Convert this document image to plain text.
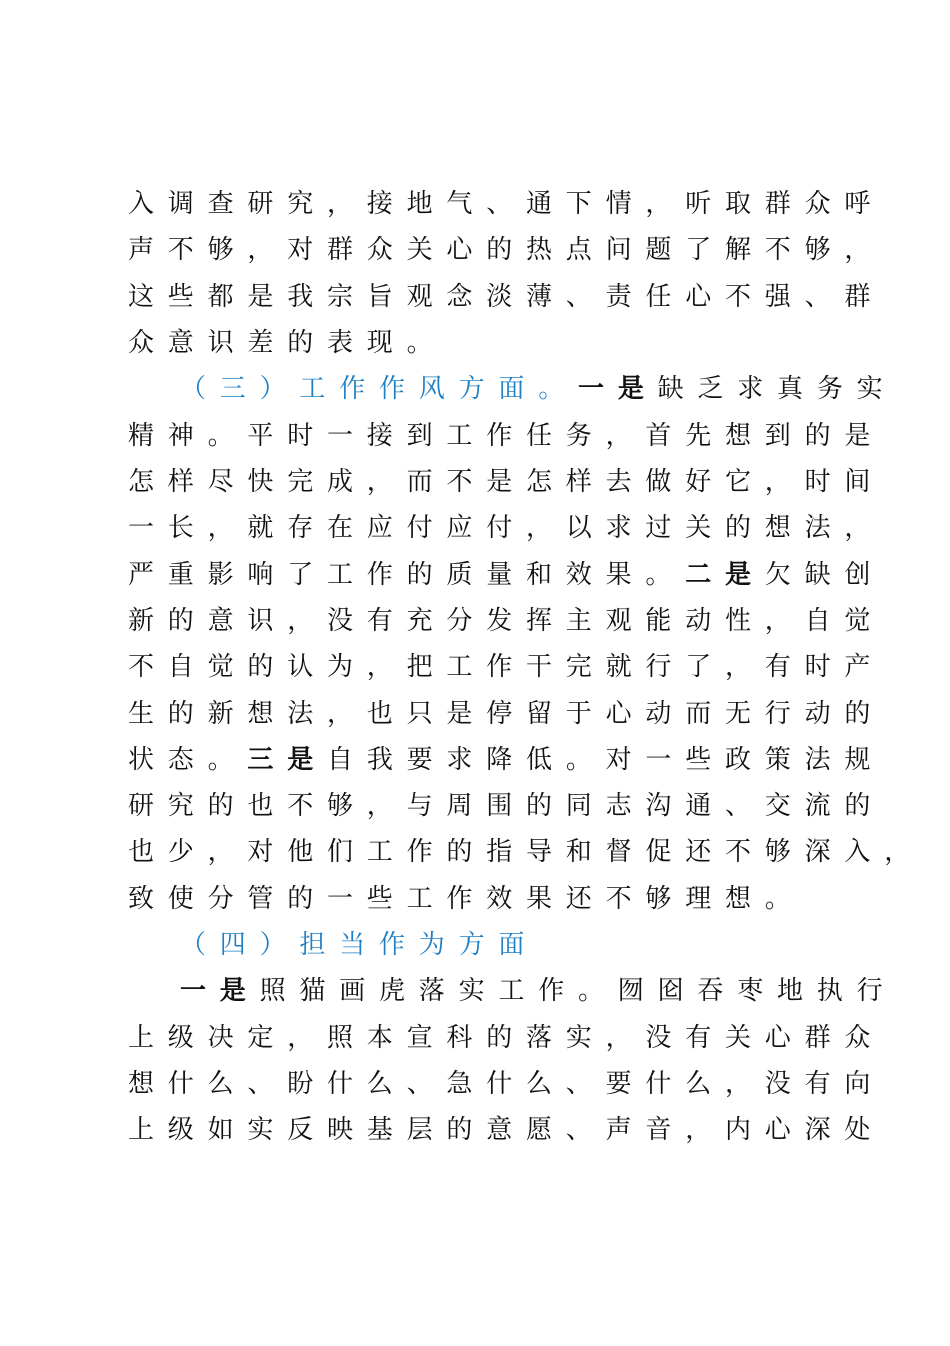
入调查研究，接地气、通下情，听取群众呼
声不够，对群众关心的热点问题了解不够，
这些都是我宗旨观念淡薄、责任心不强、群
众意识差的表现。
（三）工作作风方面。一是缺乏求真务实
精神。平时一接到工作任务，首先想到的是
怎样尽快完成，而不是怎样去做好它，时间
一长，就存在应付应付，以求过关的想法，
严重影响了工作的质量和效果。二是欠缺创
新的意识，没有充分发挥主观能动性，自觉
不自觉的认为，把工作干完就行了，有时产
生的新想法，也只是停留于心动而无行动的
状态。三是自我要求降低。对一些政策法规
研究的也不够，与周围的同志沟通、交流的
也少，对他们工作的指导和督促还不够深入，
致使分管的一些工作效果还不够理想。
（四）担当作为方面
一是照猫画虎落实工作。囫囵吞枣地执行
上级决定，照本宣科的落实，没有关心群众
想什么、盼什么、急什么、要什么，没有向
上级如实反映基层的意愿、声音，内心深处
